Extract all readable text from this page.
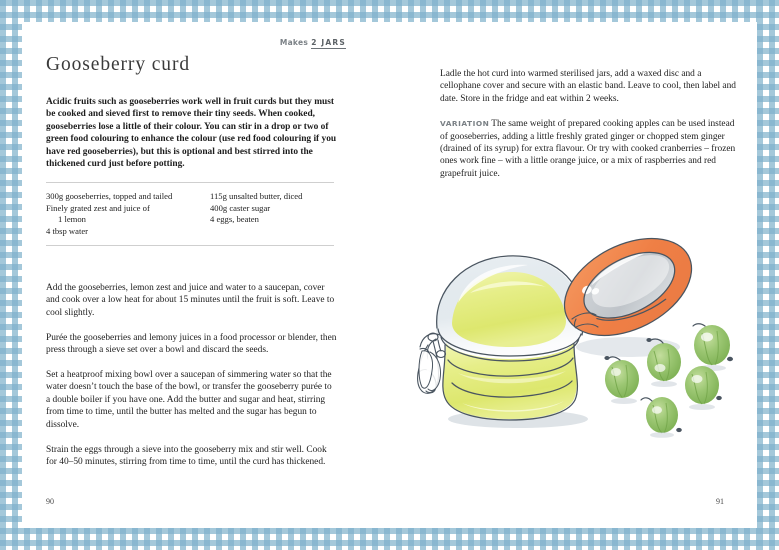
Makes 2 JARS
Gooseberry curd

Acidic fruits such as gooseberries work well in fruit curds but they must be cooked and sieved first to remove their tiny seeds. When cooked, gooseberries lose a little of their colour. You can stir in a drop or two of green food colouring to enhance the colour (use red food colouring if you have red gooseberries), but this is optional and best stirred into the thickened curd just before potting.

300g gooseberries, topped and tailed
Finely grated zest and juice of
1 lemon
4 tbsp water
115g unsalted butter, diced
400g caster sugar
4 eggs, beaten

Add the gooseberries, lemon zest and juice and water to a saucepan, cover and cook over a low heat for about 15 minutes until the fruit is soft. Leave to cool slightly.

Purée the gooseberries and lemony juices in a food processor or blender, then press through a sieve set over a bowl and discard the seeds.

Set a heatproof mixing bowl over a saucepan of simmering water so that the water doesn’t touch the base of the bowl, or transfer the gooseberry purée to a double boiler if you have one. Add the butter and sugar and heat, stirring from time to time, until the butter has melted and the sugar has begun to dissolve.

Strain the eggs through a sieve into the gooseberry mix and stir well. Cook for 40–50 minutes, stirring from time to time, until the curd has thickened.

Ladle the hot curd into warmed sterilised jars, add a waxed disc and a cellophane cover and secure with an elastic band. Leave to cool, then label and date. Store in the fridge and eat within 2 weeks.

VARIATION The same weight of prepared cooking apples can be used instead of gooseberries, adding a little freshly grated ginger or chopped stem ginger (drained of its syrup) for extra flavour. Or try with cooked cranberries – frozen ones work fine – with a little orange juice, or a mix of raspberries and red grapefruit juice.

90	91
